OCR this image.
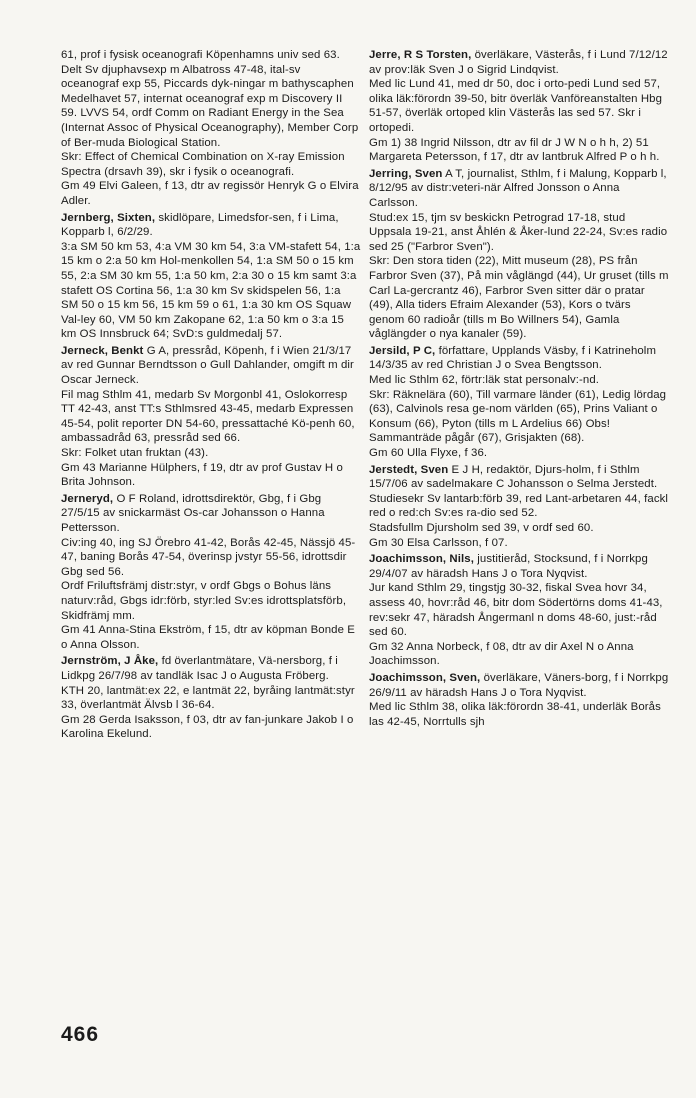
61, prof i fysisk oceanografi Köpenhamns univ sed 63.

Delt Sv djuphavsexp m Albatross 47-48, ital-sv oceanograf exp 55, Piccards dyk-ningar m bathyscaphen Medelhavet 57, internat oceanograf exp m Discovery II 59. LVVS 54, ordf Comm on Radiant Energy in the Sea (Internat Assoc of Physical Oceanography), Member Corp of Ber-muda Biological Station.

Skr: Effect of Chemical Combination on X-ray Emission Spectra (drsavh 39), skr i fysik o oceanografi.

Gm 49 Elvi Galeen, f 13, dtr av regissör Henryk G o Elvira Adler.

Jernberg, Sixten, skidlöpare, Limedsfor-sen, f i Lima, Kopparb l, 6/2/29.

3:a SM 50 km 53, 4:a VM 30 km 54, 3:a VM-stafett 54, 1:a 15 km o 2:a 50 km Hol-menkollen 54, 1:a SM 50 o 15 km 55, 2:a SM 30 km 55, 1:a 50 km, 2:a 30 o 15 km samt 3:a stafett OS Cortina 56, 1:a 30 km Sv skidspelen 56, 1:a SM 50 o 15 km 56, 15 km 59 o 61, 1:a 30 km OS Squaw Val-ley 60, VM 50 km Zakopane 62, 1:a 50 km o 3:a 15 km OS Innsbruck 64; SvD:s guldmedalj 57.

Jerneck, Benkt G A, pressråd, Köpenh, f i Wien 21/3/17 av red Gunnar Berndtsson o Gull Dahlander, omgift m dir Oscar Jerneck.

Fil mag Sthlm 41, medarb Sv Morgonbl 41, Oslokorresp TT 42-43, anst TT:s Sthlmsred 43-45, medarb Expressen 45-54, polit reporter DN 54-60, pressattaché Kö-penh 60, ambassadråd 63, pressråd sed 66.

Skr: Folket utan fruktan (43).

Gm 43 Marianne Hülphers, f 19, dtr av prof Gustav H o Brita Johnson.

Jerneryd, O F Roland, idrottsdirektör, Gbg, f i Gbg 27/5/15 av snickarmäst Os-car Johansson o Hanna Pettersson.

Civ:ing 40, ing SJ Örebro 41-42, Borås 42-45, Nässjö 45-47, baning Borås 47-54, överinsp jvstyr 55-56, idrottsdir Gbg sed 56.

Ordf Friluftsfrämj distr:styr, v ordf Gbgs o Bohus läns naturv:råd, Gbgs idr:förb, styr:led Sv:es idrottsplatsförb, Skidfrämj mm.

Gm 41 Anna-Stina Ekström, f 15, dtr av köpman Bonde E o Anna Olsson.

Jernström, J Åke, fd överlantmätare, Vä-nersborg, f i Lidkpg 26/7/98 av tandläk Isac J o Augusta Fröberg.

KTH 20, lantmät:ex 22, e lantmät 22, byråing lantmät:styr 33, överlantmät Älvsb l 36-64.

Gm 28 Gerda Isaksson, f 03, dtr av fan-junkare Jakob I o Karolina Ekelund.

Jerre, R S Torsten, överläkare, Västerås, f i Lund 7/12/12 av prov:läk Sven J o Sigrid Lindqvist.

Med lic Lund 41, med dr 50, doc i orto-pedi Lund sed 57, olika läk:förordn 39-50, bitr överläk Vanföreanstalten Hbg 51-57, överläk ortoped klin Västerås las sed 57. Skr i ortopedi.

Gm 1) 38 Ingrid Nilsson, dtr av fil dr J W N o h h, 2) 51 Margareta Petersson, f 17, dtr av lantbruk Alfred P o h h.

Jerring, Sven A T, journalist, Sthlm, f i Malung, Kopparb l, 8/12/95 av distr:veteri-när Alfred Jonsson o Anna Carlsson.

Stud:ex 15, tjm sv beskickn Petrograd 17-18, stud Uppsala 19-21, anst Åhlén & Åker-lund 22-24, Sv:es radio sed 25 ("Farbror Sven").

Skr: Den stora tiden (22), Mitt museum (28), PS från Farbror Sven (37), På min våglängd (44), Ur gruset (tills m Carl La-gercrantz 46), Farbror Sven sitter där o pratar (49), Alla tiders Efraim Alexander (53), Kors o tvärs genom 60 radioår (tills m Bo Willners 54), Gamla våglängder o nya kanaler (59).

Jersild, P C, författare, Upplands Väsby, f i Katrineholm 14/3/35 av red Christian J o Svea Bengtsson.

Med lic Sthlm 62, förtr:läk stat personalv:-nd.

Skr: Räknelära (60), Till varmare länder (61), Ledig lördag (63), Calvinols resa ge-nom världen (65), Prins Valiant o Konsum (66), Pyton (tills m L Ardelius 66) Obs! Sammanträde pågår (67), Grisjakten (68).

Gm 60 Ulla Flyxe, f 36.

Jerstedt, Sven E J H, redaktör, Djurs-holm, f i Sthlm 15/7/06 av sadelmakare C Johansson o Selma Jerstedt.

Studiesekr Sv lantarb:förb 39, red Lant-arbetaren 44, fackl red o red:ch Sv:es ra-dio sed 52.

Stadsfullm Djursholm sed 39, v ordf sed 60.

Gm 30 Elsa Carlsson, f 07.

Joachimsson, Nils, justitieråd, Stocksund, f i Norrkpg 29/4/07 av häradsh Hans J o Tora Nyqvist.

Jur kand Sthlm 29, tingstjg 30-32, fiskal Svea hovr 34, assess 40, hovr:råd 46, bitr dom Södertörns doms 41-43, rev:sekr 47, häradsh Ångermanl n doms 48-60, just:-råd sed 60.

Gm 32 Anna Norbeck, f 08, dtr av dir Axel N o Anna Joachimsson.

Joachimsson, Sven, överläkare, Väners-borg, f i Norrkpg 26/9/11 av häradsh Hans J o Tora Nyqvist.

Med lic Sthlm 38, olika läk:förordn 38-41, underläk Borås las 42-45, Norrtulls sjh

466
